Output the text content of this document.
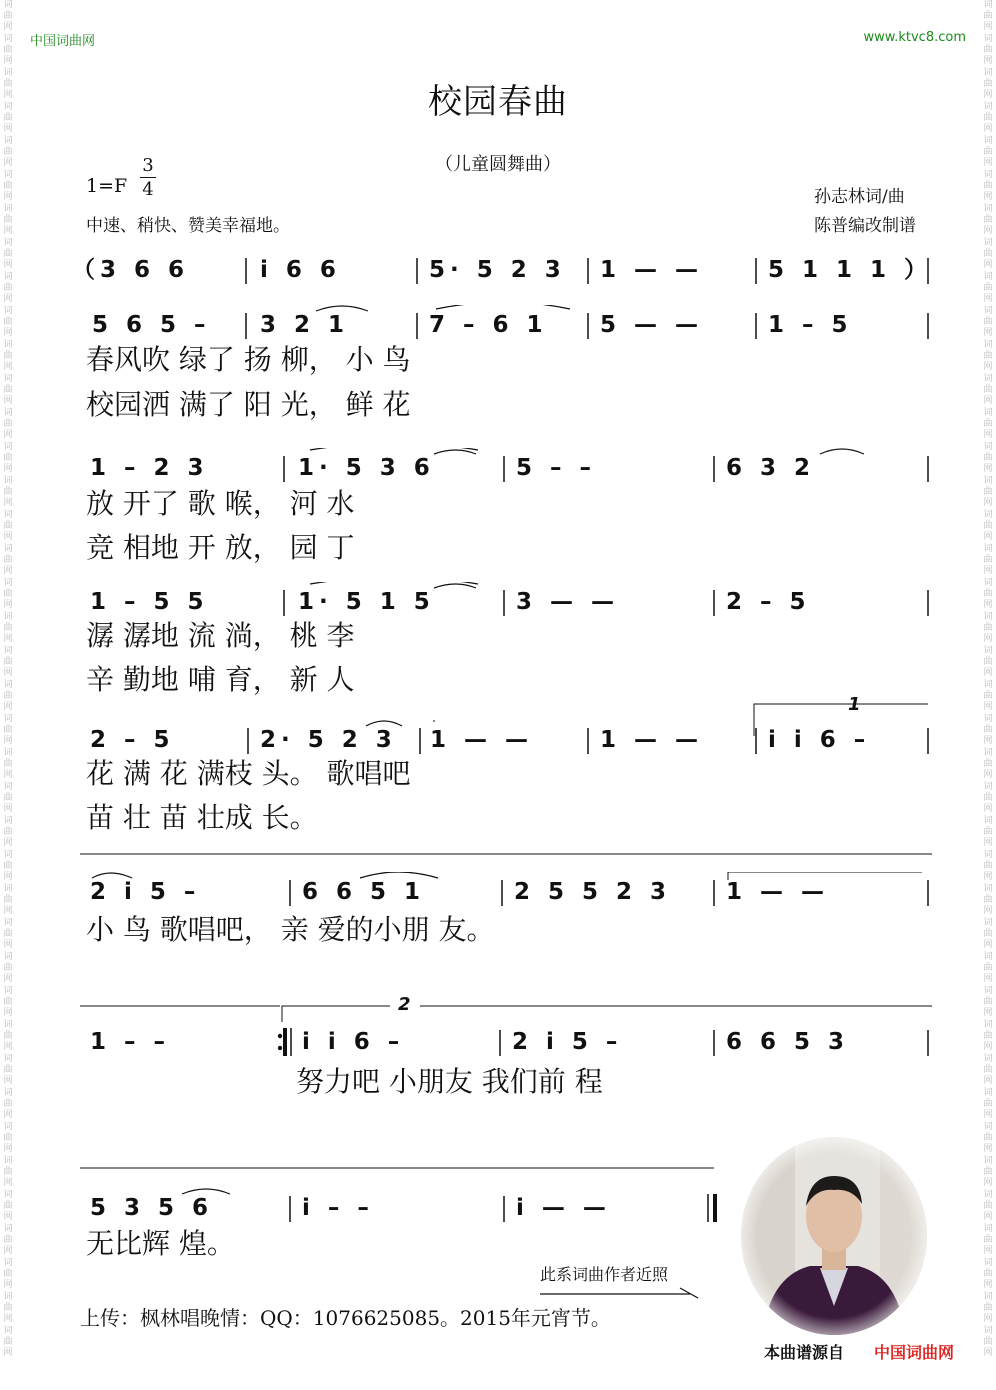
词
曲
网
词
曲
网
词
曲
网
词
曲
网
词
曲
网
词
曲
网
词
曲
网
词
曲
网
词
曲
网
词
曲
网
词
曲
网
词
曲
网
词
曲
网
词
曲
网
词
曲
网
词
曲
网
词
曲
网
词
曲
网
词
曲
网
词
曲
网
词
曲
网
词
曲
网
词
曲
网
词
曲
网
词
曲
网
词
曲
网
词
曲
网
词
曲
网
词
曲
网
词
曲
网
词
曲
网
词
曲
网
词
曲
网
词
曲
网
词
曲
网
词
曲
网
词
曲
网
词
曲
网
词
曲
网
词
曲
网
词
曲
网
词
曲
网
词
曲
网
词
曲
网
词
曲
网
词
曲
网
词
曲
网
词
曲
网
词
曲
网
词
曲
网
词
曲
网
词
曲
网
词
曲
网
词
曲
网
词
曲
网
词
曲
网
词
曲
网
词
曲
网
词
曲
网
词
曲
网
词
曲
网
词
曲
网
词
曲
网
词
曲
网
词
曲
网
词
曲
网
词
曲
网
词
曲
网
词
曲
网
词
曲
网
词
曲
网
词
曲
网
词
曲
网
词
曲
网
词
曲
网
词
曲
网
词
曲
网
词
曲
网
词
曲
网
词
曲
网
中国词曲网	www.ktvc8.com
校园春曲
（儿童圆舞曲）
1=F
3
4
中速、稍快、赞美幸福地。
孙志林词/曲
陈普编改制谱
（3 6 6	i 6 6	5· 5 2 3 1 — —	5 1 1 1 ）
5 6 5 – 3 2 1	7 – 6 1 5 — —	1 – 5
春风吹 绿了 扬 柳， 小 鸟
校园洒 满了 阳 光， 鲜 花
1 – 2 3	1· 5 3 6	5 – –	6 3 2
放 开了 歌 喉， 河 水
竞 相地 开 放， 园 丁
1 – 5 5	1· 5 1 5	3 — —	2 – 5
潺 潺地 流 淌， 桃 李
辛 勤地 哺 育， 新 人
1
2 – 5	2· 5 2 3 1 — —	1 — —	i i 6 –
花 满 花 满枝 头。 歌唱吧
苗 壮 苗 壮成 长。
2 i 5 –	6 6 5 1	2 5 5 2 3 1 — —
小 鸟 歌唱吧， 亲 爱的小朋 友。
2
1 – –	i i 6 –	2 i 5 –	6 6 5 3
努力吧 小朋友 我们前 程
5 3 5 6	i – –	i — —
无比辉 煌。
此系词曲作者近照
上传：枫林唱晚情：QQ：1076625085。2015年元宵节。
本曲谱源自 中国词曲网
